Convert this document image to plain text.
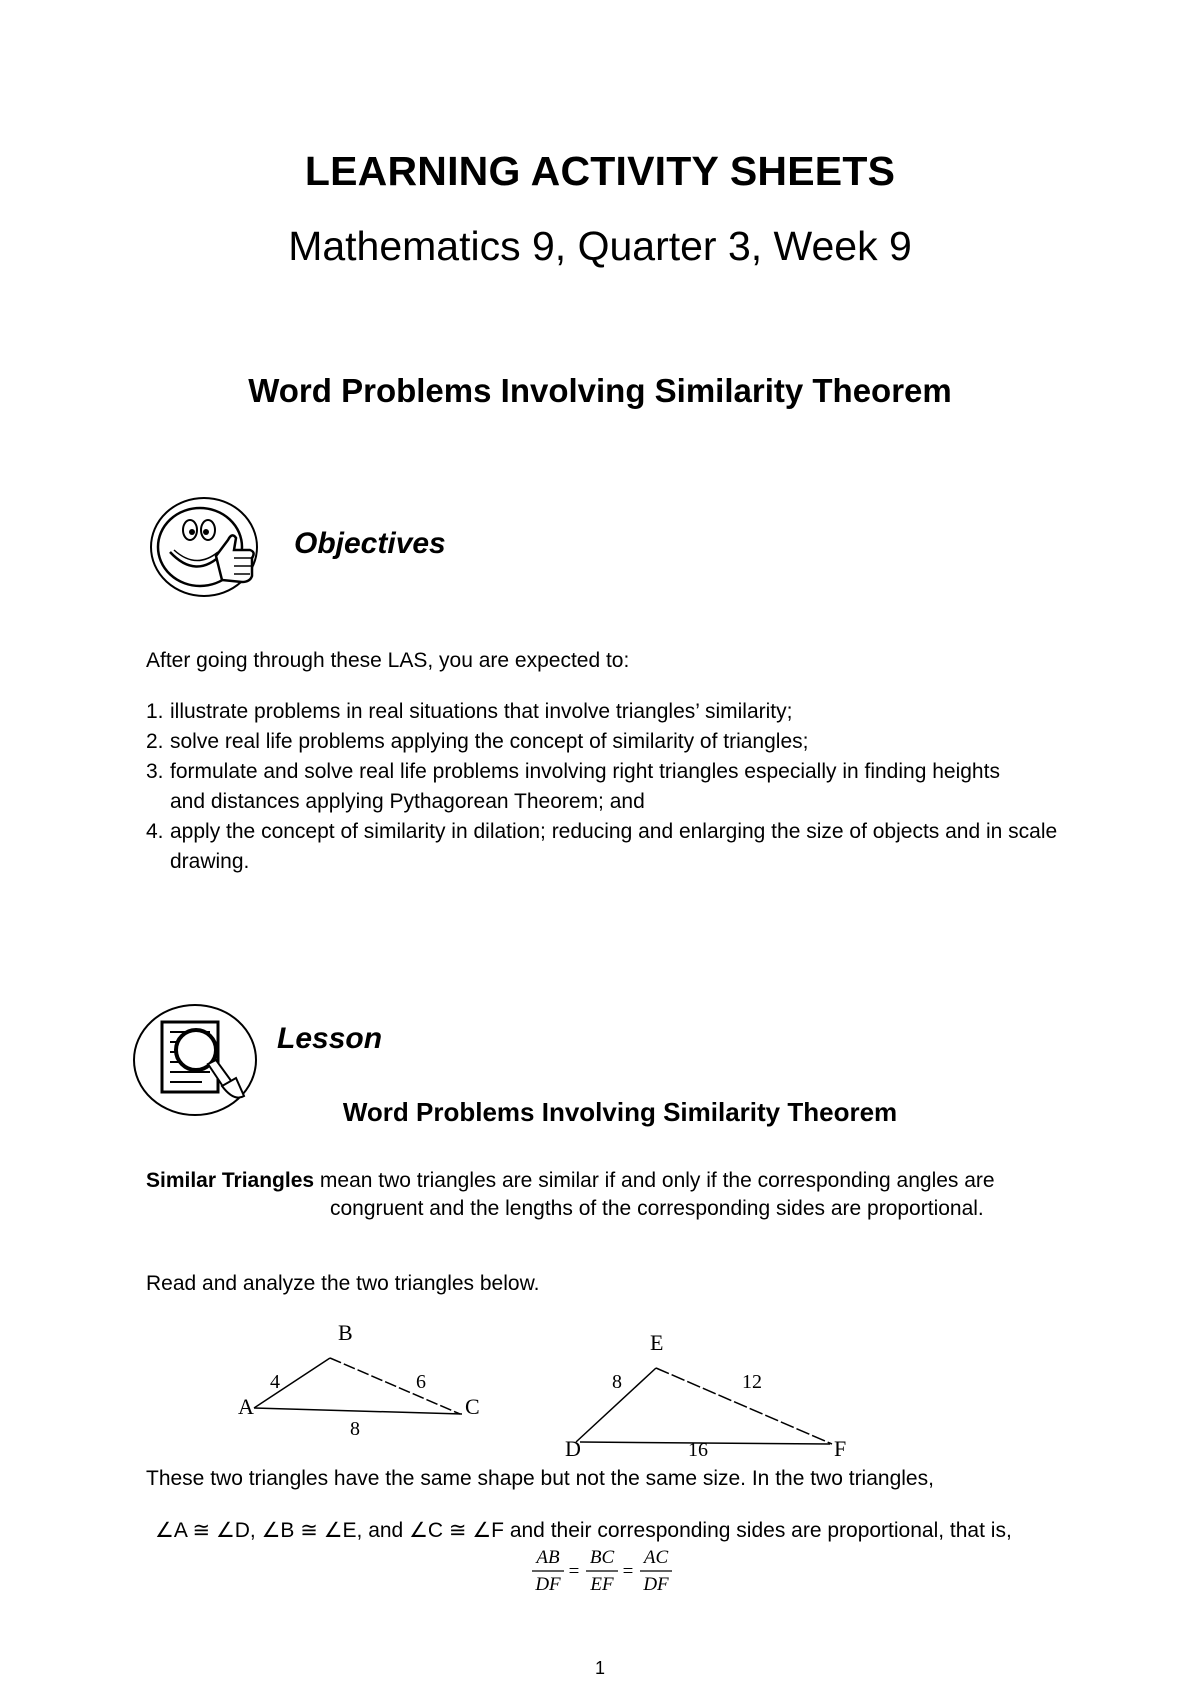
LEARNING ACTIVITY SHEETS
Mathematics 9, Quarter 3, Week 9
Word Problems Involving Similarity Theorem
Objectives
After going through these LAS, you are expected to:
1. illustrate problems in real situations that involve triangles’ similarity;
2. solve real life problems applying the concept of similarity of triangles;
3. formulate and solve real life problems involving right triangles especially in finding heights and distances applying Pythagorean Theorem; and
4. apply the concept of similarity in dilation; reducing and enlarging the size of objects and in scale drawing.
Lesson
Word Problems Involving Similarity Theorem
Similar Triangles mean two triangles are similar if and only if the corresponding angles are
congruent and the lengths of the corresponding sides are proportional.
Read and analyze the two triangles below.
B
A	C
4	6
8
E
D	F
8	12
16
These two triangles have the same shape but not the same size. In the two triangles,
∠A ≅ ∠D, ∠B ≅ ∠E, and ∠C ≅ ∠F and their corresponding sides are proportional, that is,
AB
DF
=
BC
EF
=
AC
DF
1
